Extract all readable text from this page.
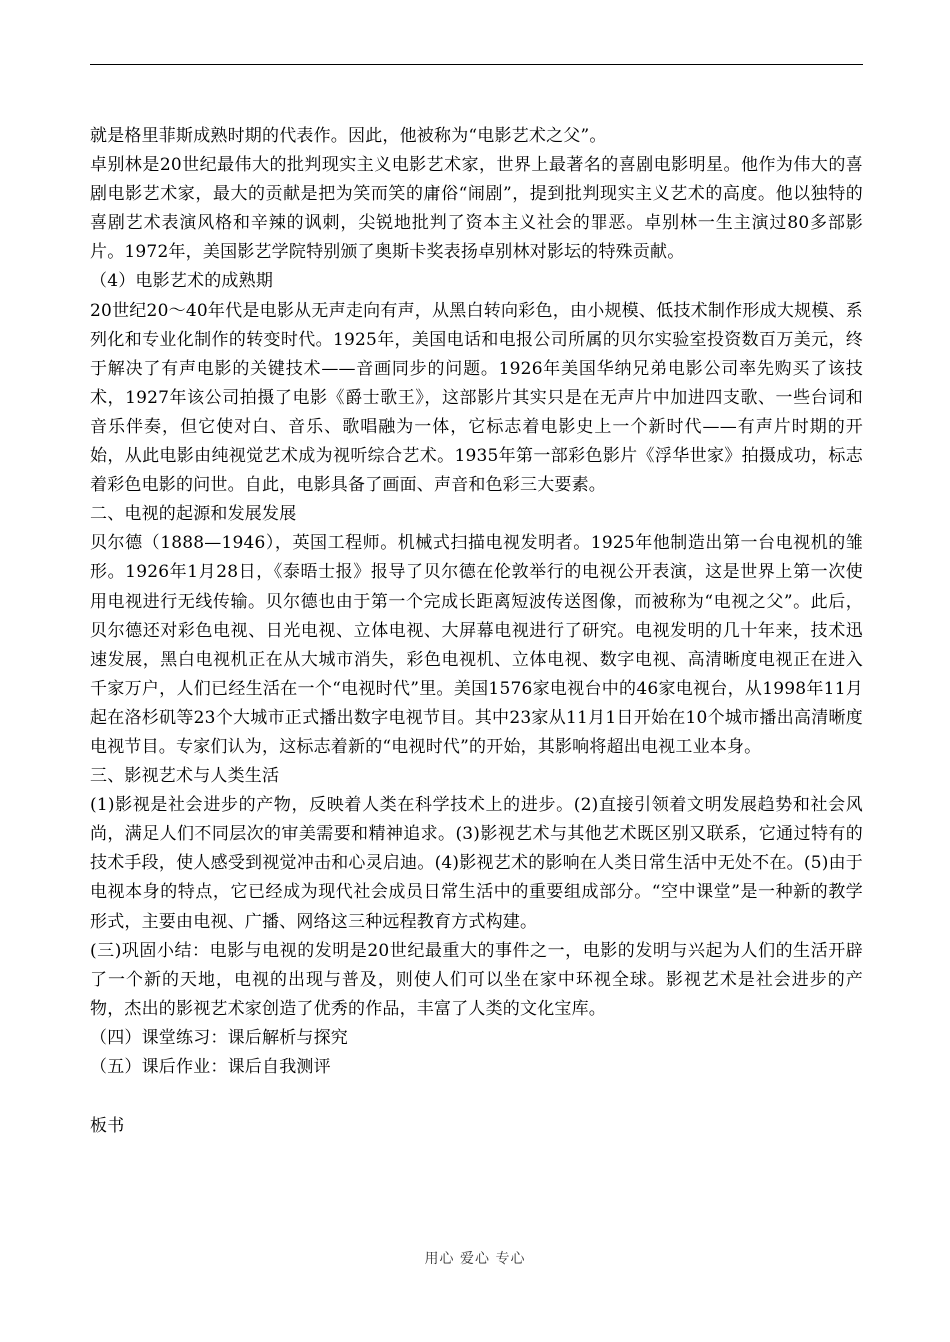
就是格里菲斯成熟时期的代表作。因此，他被称为“电影艺术之父”。

卓别林是20世纪最伟大的批判现实主义电影艺术家，世界上最著名的喜剧电影明星。他作为伟大的喜剧电影艺术家，最大的贡献是把为笑而笑的庸俗“闹剧”，提到批判现实主义艺术的高度。他以独特的喜剧艺术表演风格和辛辣的讽刺，尖锐地批判了资本主义社会的罪恶。卓别林一生主演过80多部影片。1972年，美国影艺学院特别颁了奥斯卡奖表扬卓别林对影坛的特殊贡献。

（4）电影艺术的成熟期

20世纪20～40年代是电影从无声走向有声，从黑白转向彩色，由小规模、低技术制作形成大规模、系列化和专业化制作的转变时代。1925年，美国电话和电报公司所属的贝尔实验室投资数百万美元，终于解决了有声电影的关键技术——音画同步的问题。1926年美国华纳兄弟电影公司率先购买了该技术，1927年该公司拍摄了电影《爵士歌王》，这部影片其实只是在无声片中加进四支歌、一些台词和音乐伴奏，但它使对白、音乐、歌唱融为一体，它标志着电影史上一个新时代——有声片时期的开始，从此电影由纯视觉艺术成为视听综合艺术。1935年第一部彩色影片《浮华世家》拍摄成功，标志着彩色电影的问世。自此，电影具备了画面、声音和色彩三大要素。

二、电视的起源和发展发展

贝尔德（1888—1946），英国工程师。机械式扫描电视发明者。1925年他制造出第一台电视机的雏形。1926年1月28日，《泰晤士报》报导了贝尔德在伦敦举行的电视公开表演，这是世界上第一次使用电视进行无线传输。贝尔德也由于第一个完成长距离短波传送图像，而被称为“电视之父”。此后，贝尔德还对彩色电视、日光电视、立体电视、大屏幕电视进行了研究。电视发明的几十年来，技术迅速发展，黑白电视机正在从大城市消失，彩色电视机、立体电视、数字电视、高清晰度电视正在进入千家万户，人们已经生活在一个“电视时代”里。美国1576家电视台中的46家电视台，从1998年11月起在洛杉矶等23个大城市正式播出数字电视节目。其中23家从11月1日开始在10个城市播出高清晰度电视节目。专家们认为，这标志着新的“电视时代”的开始，其影响将超出电视工业本身。

三、影视艺术与人类生活

(1)影视是社会进步的产物，反映着人类在科学技术上的进步。(2)直接引领着文明发展趋势和社会风尚，满足人们不同层次的审美需要和精神追求。(3)影视艺术与其他艺术既区别又联系，它通过特有的技术手段，使人感受到视觉冲击和心灵启迪。(4)影视艺术的影响在人类日常生活中无处不在。(5)由于电视本身的特点，它已经成为现代社会成员日常生活中的重要组成部分。“空中课堂”是一种新的教学形式，主要由电视、广播、网络这三种远程教育方式构建。

(三)巩固小结：电影与电视的发明是20世纪最重大的事件之一，电影的发明与兴起为人们的生活开辟了一个新的天地，电视的出现与普及，则使人们可以坐在家中环视全球。影视艺术是社会进步的产物，杰出的影视艺术家创造了优秀的作品，丰富了人类的文化宝库。

（四）课堂练习：课后解析与探究

（五）课后作业：课后自我测评

板书

用心 爱心 专心
